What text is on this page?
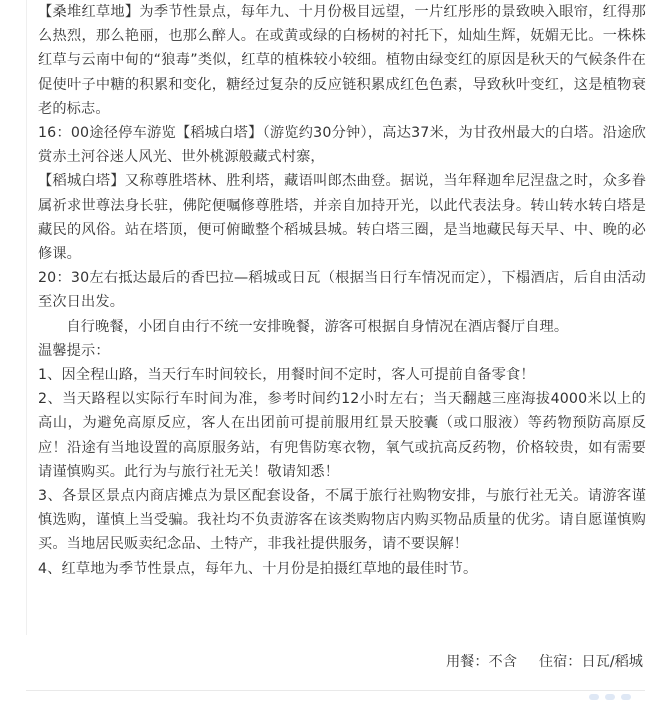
【桑堆红草地】为季节性景点，每年九、十月份极目远望，一片红彤彤的景致映入眼帘，红得那么热烈，那么艳丽，也那么醉人。在或黄或绿的白杨树的衬托下，灿灿生辉，妩媚无比。一株株红草与云南中甸的“狼毒”类似，红草的植株较小较细。植物由绿变红的原因是秋天的气候条件在促使叶子中糖的积累和变化，糖经过复杂的反应链积累成红色色素，导致秋叶变红，这是植物衰老的标志。

16：00途径停车游览【稻城白塔】（游览约30分钟），高达37米，为甘孜州最大的白塔。沿途欣赏赤土河谷迷人风光、世外桃源般藏式村寨，

【稻城白塔】又称尊胜塔林、胜利塔，藏语叫郎杰曲登。据说，当年释迦牟尼涅盘之时，众多眷属祈求世尊法身长驻，佛陀便嘱修尊胜塔，并亲自加持开光，以此代表法身。转山转水转白塔是藏民的风俗。站在塔顶，便可俯瞰整个稻城县城。转白塔三圈，是当地藏民每天早、中、晚的必修课。

20：30左右抵达最后的香巴拉—稻城或日瓦（根据当日行车情况而定），下榻酒店，后自由活动至次日出发。

自行晚餐，小团自由行不统一安排晚餐，游客可根据自身情况在酒店餐厅自理。

温馨提示：

1、因全程山路，当天行车时间较长，用餐时间不定时，客人可提前自备零食！

2、当天路程以实际行车时间为准，参考时间约12小时左右；当天翻越三座海拔4000米以上的高山，为避免高原反应，客人在出团前可提前服用红景天胶囊（或口服液）等药物预防高原反应！沿途有当地设置的高原服务站，有兜售防寒衣物，氧气或抗高反药物，价格较贵，如有需要请谨慎购买。此行为与旅行社无关！敬请知悉！

3、各景区景点内商店摊点为景区配套设备，不属于旅行社购物安排，与旅行社无关。请游客谨慎选购，谨慎上当受骗。我社均不负责游客在该类购物店内购买物品质量的优劣。请自愿谨慎购买。当地居民贩卖纪念品、土特产，非我社提供服务，请不要误解！

4、红草地为季节性景点，每年九、十月份是拍摄红草地的最佳时节。

用餐：不含 住宿：日瓦/稻城
